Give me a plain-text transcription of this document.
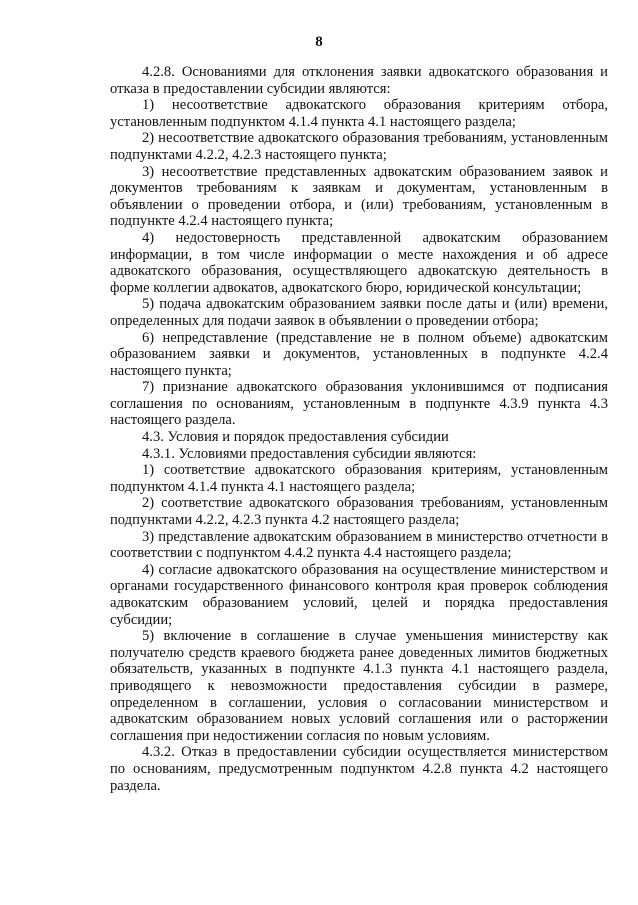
8

4.2.8. Основаниями для отклонения заявки адвокатского образования и отказа в предоставлении субсидии являются:

1) несоответствие адвокатского образования критериям отбора, установленным подпунктом 4.1.4 пункта 4.1 настоящего раздела;

2) несоответствие адвокатского образования требованиям, установленным подпунктами 4.2.2, 4.2.3 настоящего пункта;

3) несоответствие представленных адвокатским образованием заявок и документов требованиям к заявкам и документам, установленным в объявлении о проведении отбора, и (или) требованиям, установленным в подпункте 4.2.4 настоящего пункта;

4) недостоверность представленной адвокатским образованием информации, в том числе информации о месте нахождения и об адресе адвокатского образования, осуществляющего адвокатскую деятельность в форме коллегии адвокатов, адвокатского бюро, юридической консультации;

5) подача адвокатским образованием заявки после даты и (или) времени, определенных для подачи заявок в объявлении о проведении отбора;

6) непредставление (представление не в полном объеме) адвокатским образованием заявки и документов, установленных в подпункте 4.2.4 настоящего пункта;

7) признание адвокатского образования уклонившимся от подписания соглашения по основаниям, установленным в подпункте 4.3.9 пункта 4.3 настоящего раздела.

4.3. Условия и порядок предоставления субсидии

4.3.1. Условиями предоставления субсидии являются:

1) соответствие адвокатского образования критериям, установленным подпунктом 4.1.4 пункта 4.1 настоящего раздела;

2) соответствие адвокатского образования требованиям, установленным подпунктами 4.2.2, 4.2.3 пункта 4.2 настоящего раздела;

3) представление адвокатским образованием в министерство отчетности в соответствии с подпунктом 4.4.2 пункта 4.4 настоящего раздела;

4) согласие адвокатского образования на осуществление министерством и органами государственного финансового контроля края проверок соблюдения адвокатским образованием условий, целей и порядка предоставления субсидии;

5) включение в соглашение в случае уменьшения министерству как получателю средств краевого бюджета ранее доведенных лимитов бюджетных обязательств, указанных в подпункте 4.1.3 пункта 4.1 настоящего раздела, приводящего к невозможности предоставления субсидии в размере, определенном в соглашении, условия о согласовании министерством и адвокатским образованием новых условий соглашения или о расторжении соглашения при недостижении согласия по новым условиям.

4.3.2. Отказ в предоставлении субсидии осуществляется министерством по основаниям, предусмотренным подпунктом 4.2.8 пункта 4.2 настоящего раздела.
